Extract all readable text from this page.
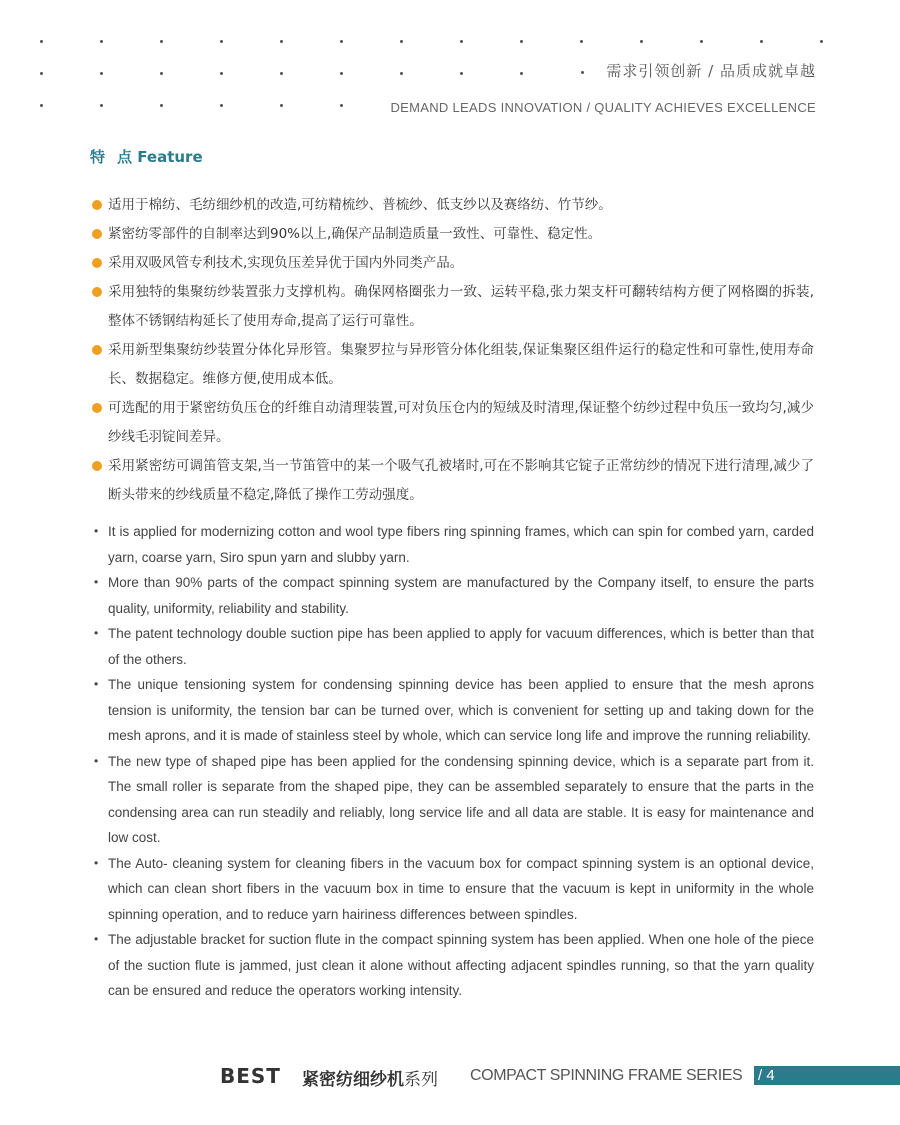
需求引领创新 / 品质成就卓越
DEMAND LEADS INNOVATION / QUALITY ACHIEVES EXCELLENCE
特 点 Feature
适用于棉纺、毛纺细纱机的改造,可纺精梳纱、普梳纱、低支纱以及赛络纺、竹节纱。
紧密纺零部件的自制率达到90%以上,确保产品制造质量一致性、可靠性、稳定性。
采用双吸风管专利技术,实现负压差异优于国内外同类产品。
采用独特的集聚纺纱装置张力支撑机构。确保网格圈张力一致、运转平稳,张力架支杆可翻转结构方便了网格圈的拆装,整体不锈钢结构延长了使用寿命,提高了运行可靠性。
采用新型集聚纺纱装置分体化异形管。集聚罗拉与异形管分体化组装,保证集聚区组件运行的稳定性和可靠性,使用寿命长、数据稳定。维修方便,使用成本低。
可选配的用于紧密纺负压仓的纤维自动清理装置,可对负压仓内的短绒及时清理,保证整个纺纱过程中负压一致均匀,减少纱线毛羽锭间差异。
采用紧密纺可调笛管支架,当一节笛管中的某一个吸气孔被堵时,可在不影响其它锭子正常纺纱的情况下进行清理,减少了断头带来的纱线质量不稳定,降低了操作工劳动强度。
• It is applied for modernizing cotton and wool type fibers ring spinning frames, which can spin for combed yarn, carded yarn, coarse yarn, Siro spun yarn and slubby yarn.
• More than 90% parts of the compact spinning system are manufactured by the Company itself, to ensure the parts quality, uniformity, reliability and stability.
• The patent technology double suction pipe has been applied to apply for vacuum differences, which is better than that of the others.
• The unique tensioning system for condensing spinning device has been applied to ensure that the mesh aprons tension is uniformity, the tension bar can be turned over, which is convenient for setting up and taking down for the mesh aprons, and it is made of stainless steel by whole, which can service long life and improve the running reliability.
• The new type of shaped pipe has been applied for the condensing spinning device, which is a separate part from it. The small roller is separate from the shaped pipe, they can be assembled separately to ensure that the parts in the condensing area can run steadily and reliably, long service life and all data are stable. It is easy for maintenance and low cost.
• The Auto- cleaning system for cleaning fibers in the vacuum box for compact spinning system is an optional device, which can clean short fibers in the vacuum box in time to ensure that the vacuum is kept in uniformity in the whole spinning operation, and to reduce yarn hairiness differences between spindles.
• The adjustable bracket for suction flute in the compact spinning system has been applied. When one hole of the piece of the suction flute is jammed, just clean it alone without affecting adjacent spindles running, so that the yarn quality can be ensured and reduce the operators working intensity.
BEST 紧密纺细纱机系列 COMPACT SPINNING FRAME SERIES / 4
